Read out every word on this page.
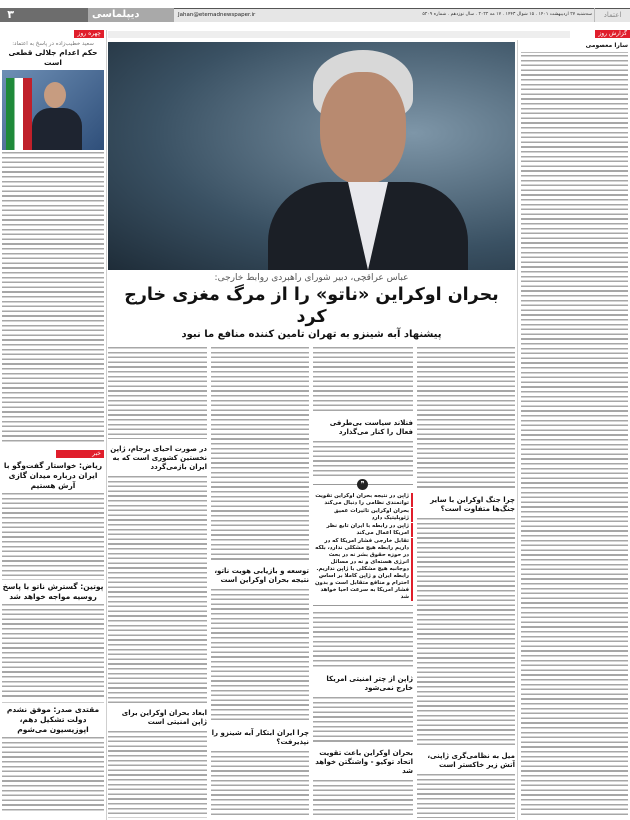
۳	دیپلماسی	Jahan@etemadnewspaper.ir	سه‌شنبه ۲۷ اردیبهشت ۱۴۰۱ . ۱۵ شوال ۱۴۴۳ . ۱۷ مه ۲۰۲۲ . سال نوزدهم . شماره ۵۲۰۹	اعتماد
گزارش روز
چهره روز
سعید خطیب‌زاده در پاسخ به اعتماد:
حکم اعدام جلالی قطعی است
خبر
ریاض: خواستار گفت‌وگو با ایران درباره میدان گازی آرش هستیم
پوتین: گسترش ناتو با پاسخ روسیه مواجه خواهد شد
مقتدی صدر: موفق نشدم دولت تشکیل دهم، اپوزیسیون می‌شوم
عباس عراقچی، دبیر شورای راهبردی روابط خارجی:
بحران اوکراین «ناتو» را از مرگ مغزی خارج کرد
پیشنهاد آبه شینزو به تهران تامین کننده منافع ما نبود
چرا جنگ اوکراین با سایر جنگ‌ها متفاوت است؟
میل به نظامی‌گری ژاپنی، آتش زیر خاکستر است
فنلاند سیاست بی‌طرفی فعال را کنار می‌گذارد
❞
ژاپن در نتیجه بحران اوکراین تقویت توانمندی نظامی را دنبال می‌کند
بحران اوکراین تاثیرات عمیق ژئوپلیتیک دارد
ژاپن در رابطه با ایران تابع نظر امریکا اعمال می‌کند
تقابل خارجی فشار امریکا که در داریم رابطه هیچ مشکلی ندارد، بلکه در حوزه حقوق بشر نه در بحث انرژی هسته‌ای و نه در مسائل دوجانبه هیچ مشکلی با ژاپن نداریم. رابطه ایران و ژاپن کاملا بر اساس احترام و منافع متقابل است و بدون فشار امریکا به سرعت احیا خواهد شد
ژاپن از چتر امنیتی امریکا خارج نمی‌شود
بحران اوکراین باعث تقویت اتحاد توکیو - واشنگتن خواهد شد
توسعه و بازیابی هویت ناتو، نتیجه بحران اوکراین است
چرا ایران ابتکار آبه شینزو را نپذیرفت؟
در صورت احیای برجام، ژاپن نخستین کشوری است که به ایران بازمی‌گردد
ابعاد بحران اوکراین برای ژاپن امنیتی است
سارا معصومی
